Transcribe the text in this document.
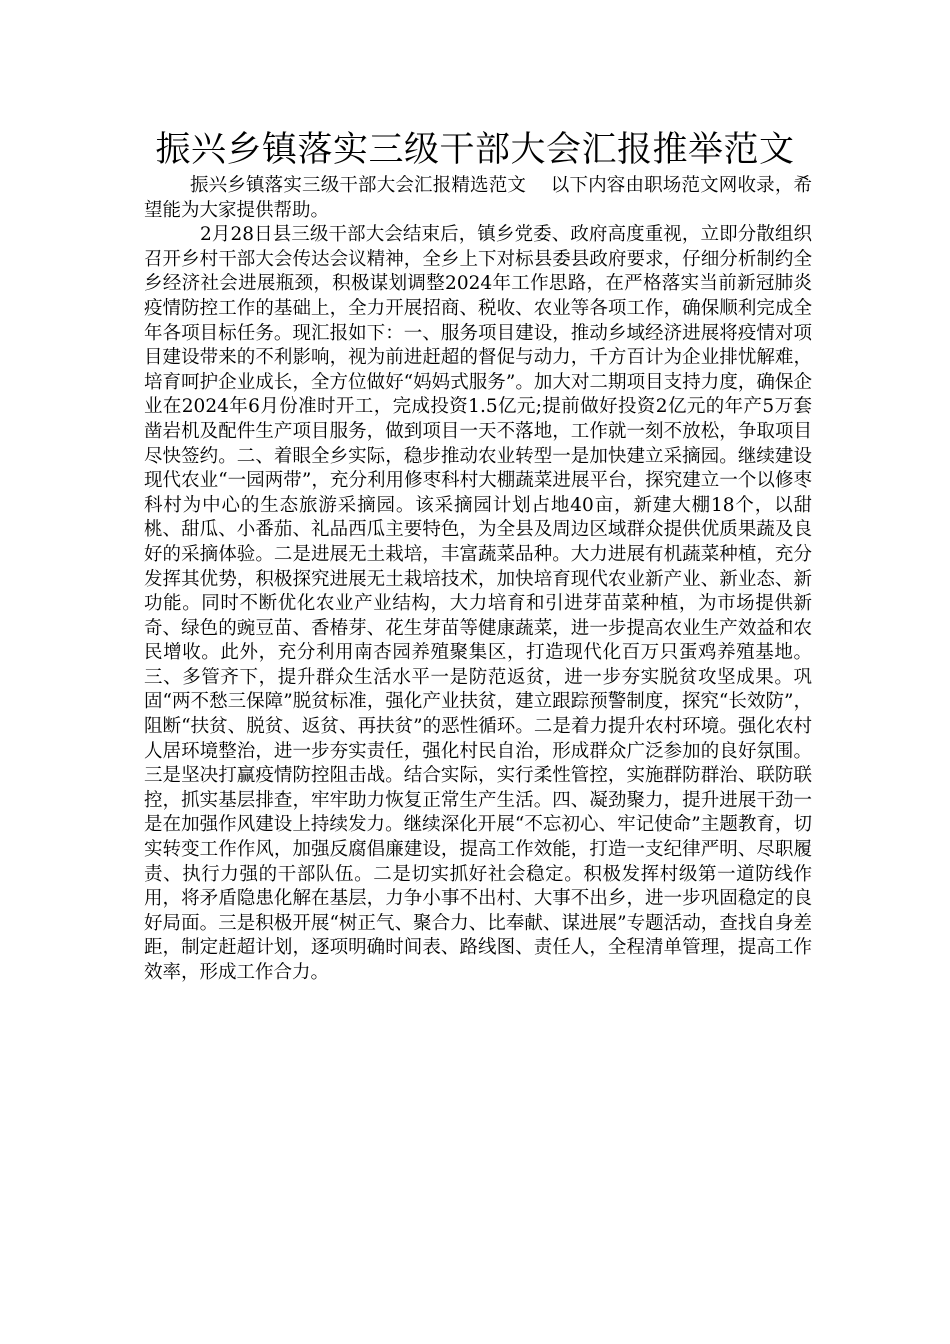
振兴乡镇落实三级干部大会汇报推举范文

振兴乡镇落实三级干部大会汇报精选范文　 以下内容由职场范文网收录，希望能为大家提供帮助。

2月28日县三级干部大会结束后，镇乡党委、政府高度重视，立即分散组织召开乡村干部大会传达会议精神，全乡上下对标县委县政府要求，仔细分析制约全乡经济社会进展瓶颈，积极谋划调整2024年工作思路，在严格落实当前新冠肺炎疫情防控工作的基础上，全力开展招商、税收、农业等各项工作，确保顺利完成全年各项目标任务。现汇报如下：一、服务项目建设，推动乡域经济进展将疫情对项目建设带来的不利影响，视为前进赶超的督促与动力，千方百计为企业排忧解难，培育呵护企业成长，全方位做好“妈妈式服务”。加大对二期项目支持力度，确保企业在2024年6月份准时开工，完成投资1.5亿元;提前做好投资2亿元的年产5万套凿岩机及配件生产项目服务，做到项目一天不落地，工作就一刻不放松，争取项目尽快签约。二、着眼全乡实际，稳步推动农业转型一是加快建立采摘园。继续建设现代农业“一园两带”，充分利用修枣科村大棚蔬菜进展平台，探究建立一个以修枣科村为中心的生态旅游采摘园。该采摘园计划占地40亩，新建大棚18个，以甜桃、甜瓜、小番茄、礼品西瓜主要特色，为全县及周边区域群众提供优质果蔬及良好的采摘体验。二是进展无土栽培，丰富蔬菜品种。大力进展有机蔬菜种植，充分发挥其优势，积极探究进展无土栽培技术，加快培育现代农业新产业、新业态、新功能。同时不断优化农业产业结构，大力培育和引进芽苗菜种植，为市场提供新奇、绿色的豌豆苗、香椿芽、花生芽苗等健康蔬菜，进一步提高农业生产效益和农民增收。此外，充分利用南杏园养殖聚集区，打造现代化百万只蛋鸡养殖基地。三、多管齐下，提升群众生活水平一是防范返贫，进一步夯实脱贫攻坚成果。巩固“两不愁三保障”脱贫标准，强化产业扶贫，建立跟踪预警制度，探究“长效防”，阻断“扶贫、脱贫、返贫、再扶贫”的恶性循环。二是着力提升农村环境。强化农村人居环境整治，进一步夯实责任，强化村民自治，形成群众广泛参加的良好氛围。三是坚决打赢疫情防控阻击战。结合实际，实行柔性管控，实施群防群治、联防联控，抓实基层排查，牢牢助力恢复正常生产生活。四、凝劲聚力，提升进展干劲一是在加强作风建设上持续发力。继续深化开展“不忘初心、牢记使命”主题教育，切实转变工作作风，加强反腐倡廉建设，提高工作效能，打造一支纪律严明、尽职履责、执行力强的干部队伍。二是切实抓好社会稳定。积极发挥村级第一道防线作用，将矛盾隐患化解在基层，力争小事不出村、大事不出乡，进一步巩固稳定的良好局面。三是积极开展“树正气、聚合力、比奉献、谋进展”专题活动，查找自身差距，制定赶超计划，逐项明确时间表、路线图、责任人，全程清单管理，提高工作效率，形成工作合力。
